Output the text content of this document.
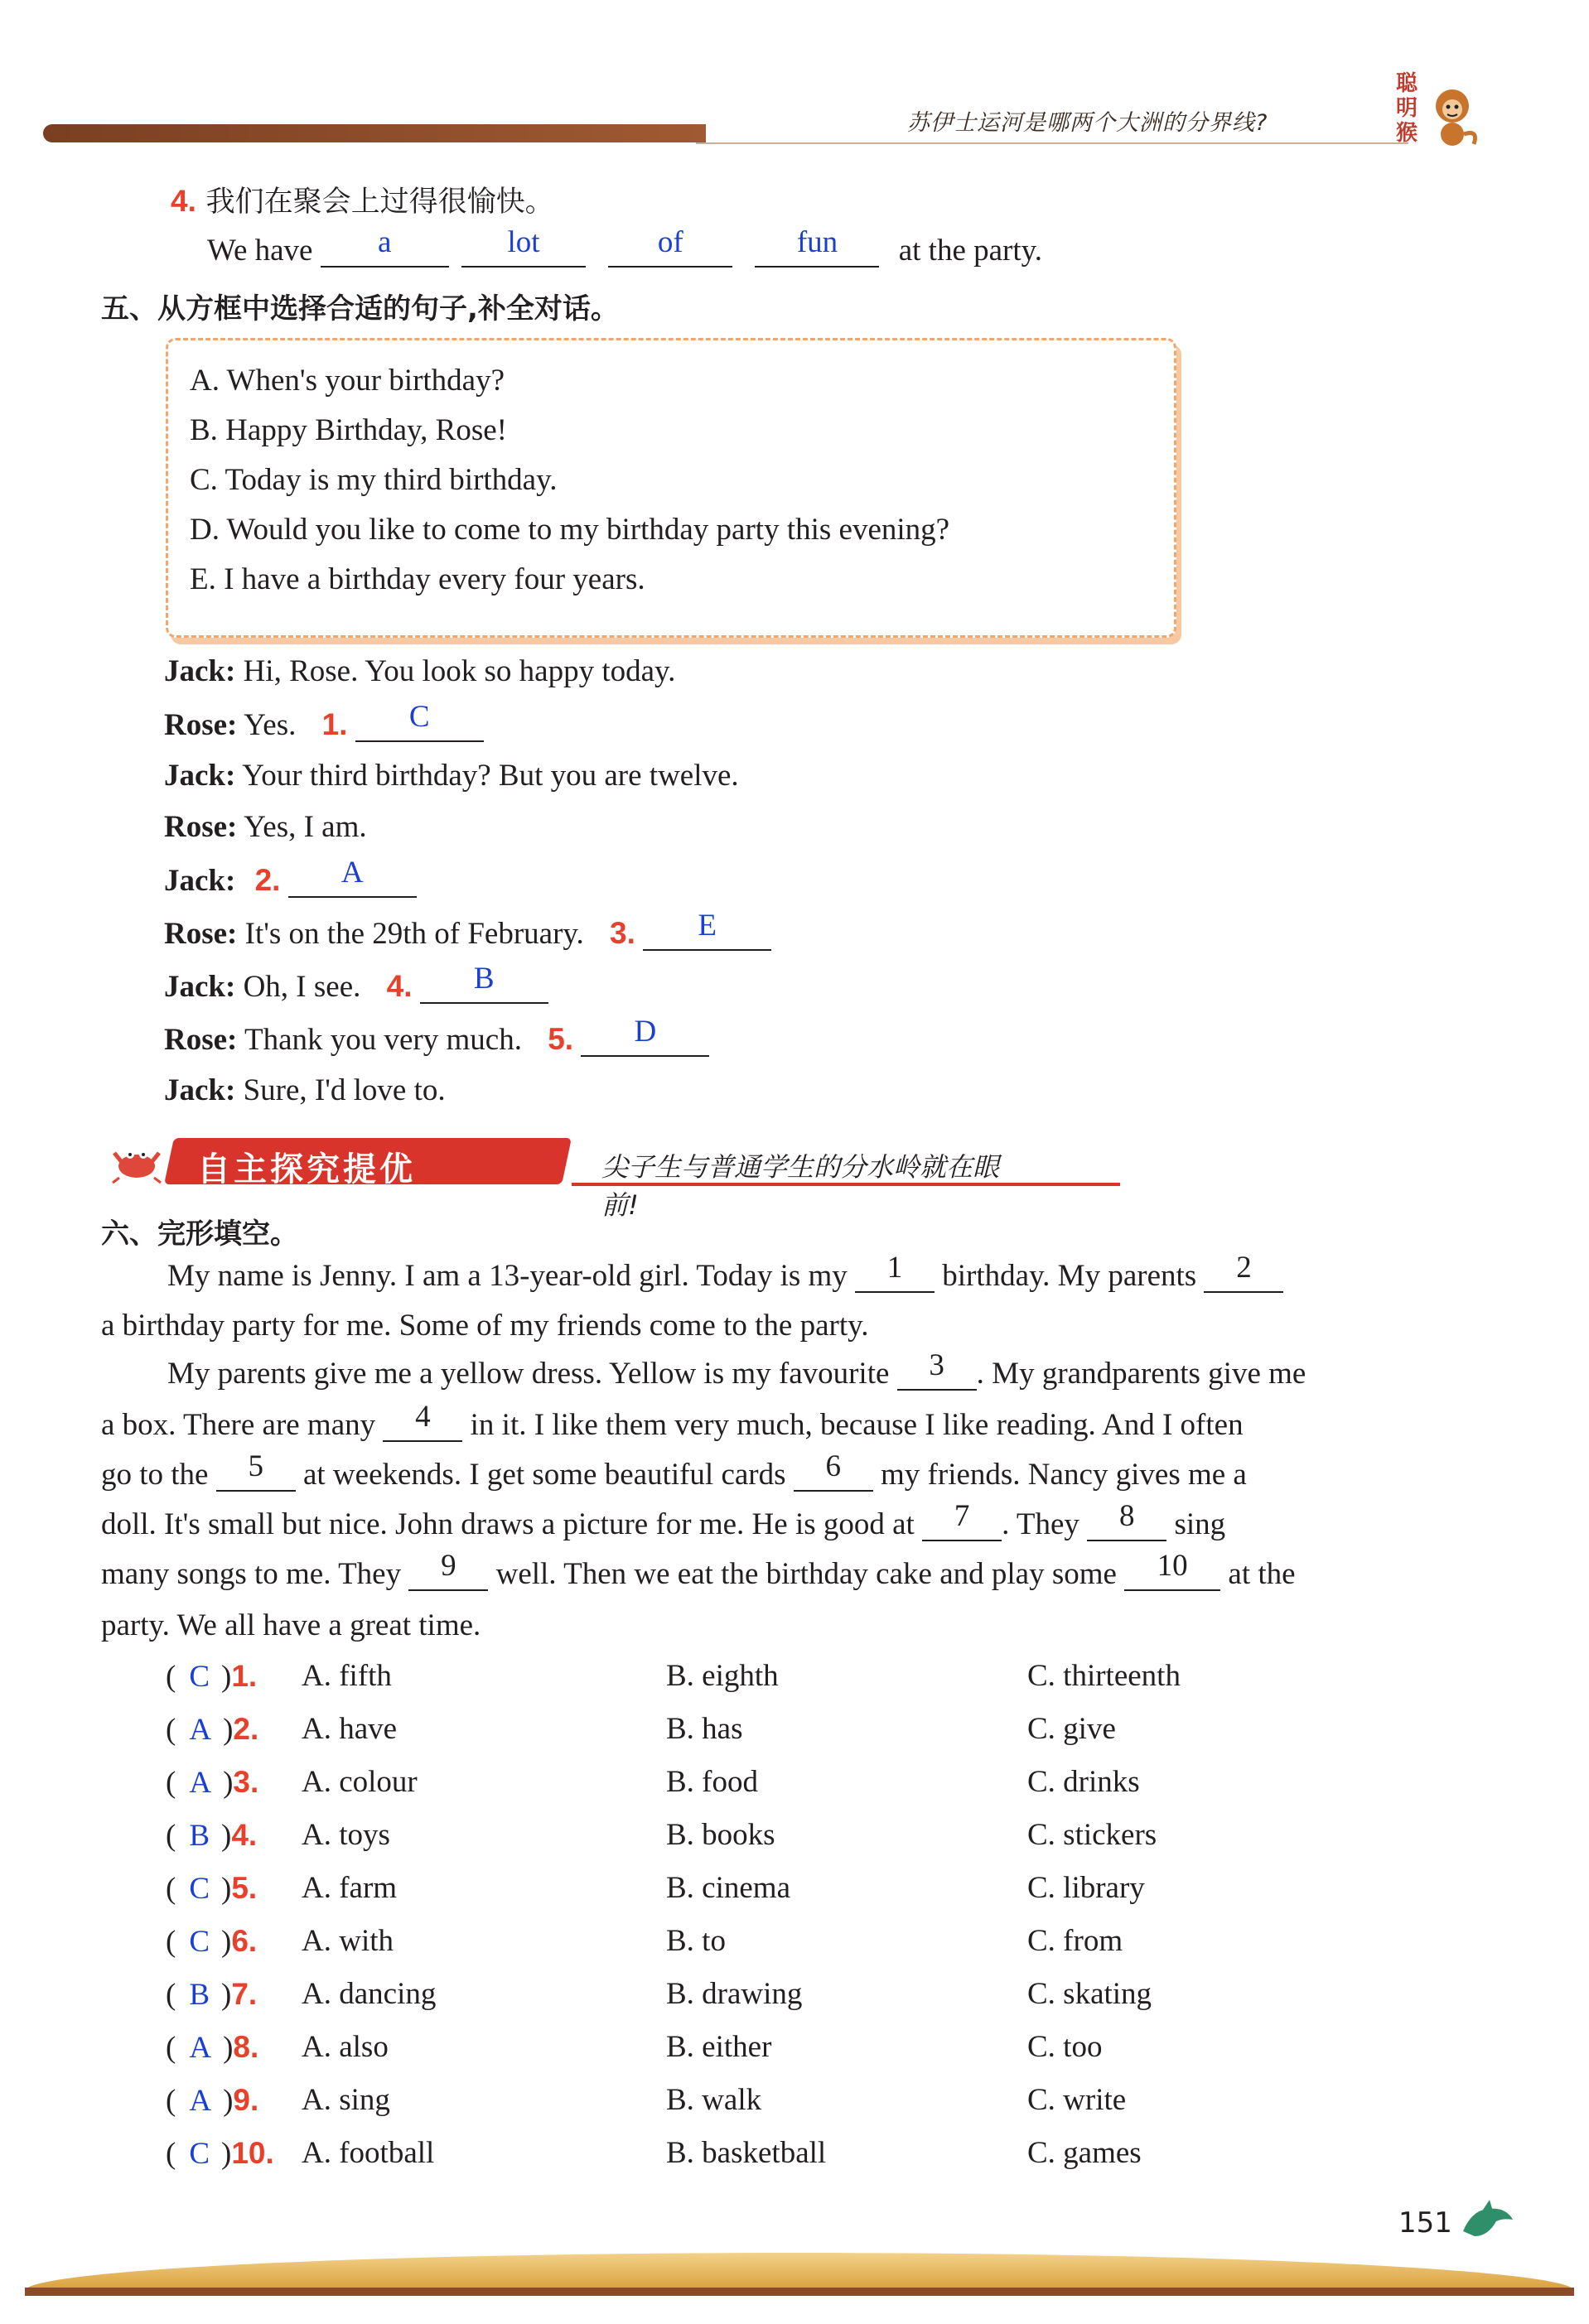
苏伊士运河是哪两个大洲的分界线?
聪明猴
4. 我们在聚会上过得很愉快。
We have a	lot	of	fun at the party.
五、从方框中选择合适的句子,补全对话。
A. When's your birthday?
B. Happy Birthday, Rose!
C. Today is my third birthday.
D. Would you like to come to my birthday party this evening?
E. I have a birthday every four years.
Jack: Hi, Rose. You look so happy today.
Rose: Yes. 1. C
Jack: Your third birthday? But you are twelve.
Rose: Yes, I am.
Jack: 2. A
Rose: It's on the 29th of February. 3. E
Jack: Oh, I see. 4. B
Rose: Thank you very much. 5. D
Jack: Sure, I'd love to.
自主探究提优	尖子生与普通学生的分水岭就在眼前!
六、完形填空。
My name is Jenny. I am a 13-year-old girl. Today is my 1 birthday. My parents 2
a birthday party for me. Some of my friends come to the party.
My parents give me a yellow dress. Yellow is my favourite 3 . My grandparents give me
a box. There are many 4 in it. I like them very much, because I like reading. And I often
go to the 5 at weekends. I get some beautiful cards 6 my friends. Nancy gives me a
doll. It's small but nice. John draws a picture for me. He is good at 7 . They 8 sing
many songs to me. They 9 well. Then we eat the birthday cake and play some 10 at the
party. We all have a great time.
( C )1. A. fifth	B. eighth	C. thirteenth
( A )2. A. have	B. has	C. give
( A )3. A. colour	B. food	C. drinks
( B )4. A. toys	B. books	C. stickers
( C )5. A. farm	B. cinema	C. library
( C )6. A. with	B. to	C. from
( B )7. A. dancing	B. drawing	C. skating
( A )8. A. also	B. either	C. too
( A )9. A. sing	B. walk	C. write
( C )10. A. football	B. basketball	C. games
151
